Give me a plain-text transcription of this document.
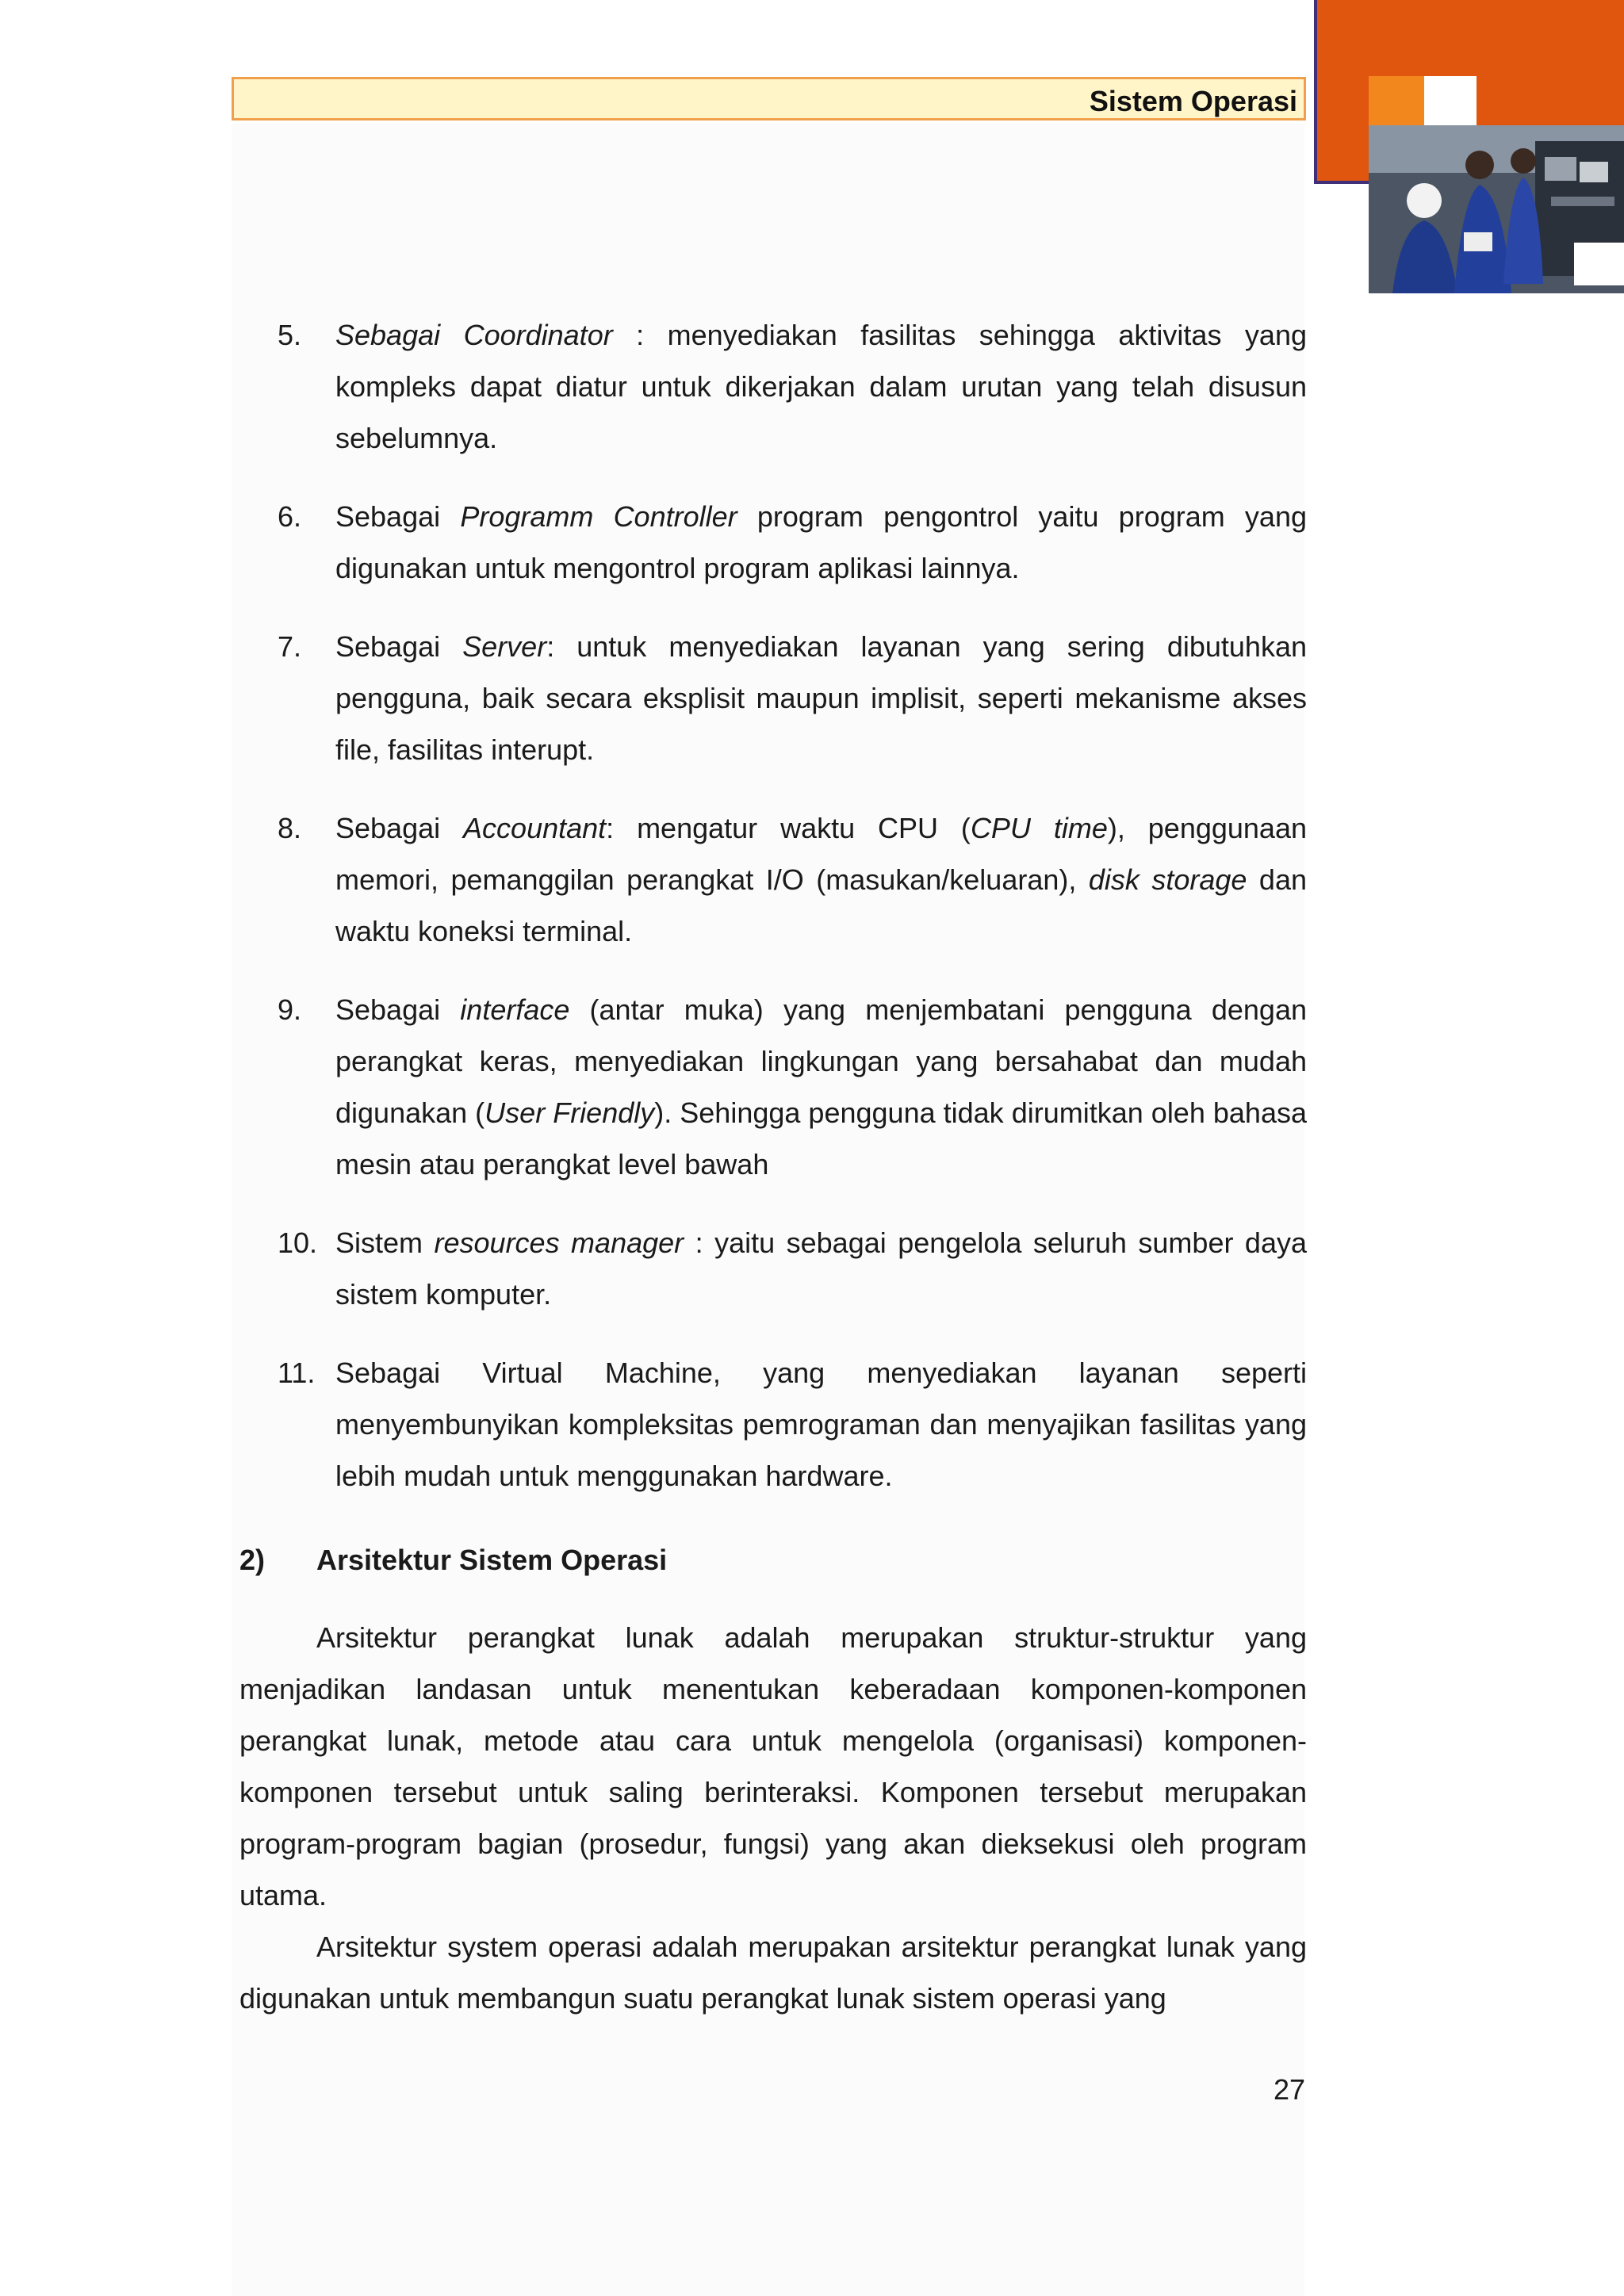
Sistem Operasi
5.	Sebagai Coordinator : menyediakan fasilitas sehingga aktivitas yang kompleks dapat diatur untuk dikerjakan dalam urutan yang telah disusun sebelumnya.
6.	Sebagai Programm Controller program pengontrol yaitu program yang digunakan untuk mengontrol program aplikasi lainnya.
7.	Sebagai Server: untuk menyediakan layanan yang sering dibutuhkan pengguna, baik secara eksplisit maupun implisit, seperti mekanisme akses file, fasilitas interupt.
8.	Sebagai Accountant: mengatur waktu CPU (CPU time), penggunaan memori, pemanggilan perangkat I/O (masukan/keluaran), disk storage dan waktu koneksi terminal.
9.	Sebagai interface (antar muka) yang menjembatani pengguna dengan perangkat keras, menyediakan lingkungan yang bersahabat dan mudah digunakan (User Friendly). Sehingga pengguna tidak dirumitkan oleh bahasa mesin atau perangkat level bawah
10. Sistem resources manager : yaitu sebagai pengelola seluruh sumber daya sistem komputer.
11. Sebagai Virtual Machine, yang menyediakan layanan seperti menyembunyikan kompleksitas pemrograman dan menyajikan fasilitas yang lebih mudah untuk menggunakan hardware.
2) Arsitektur Sistem Operasi

Arsitektur perangkat lunak adalah merupakan struktur-struktur yang menjadikan landasan untuk menentukan keberadaan komponen-komponen perangkat lunak, metode atau cara untuk mengelola (organisasi) komponen-komponen tersebut untuk saling berinteraksi. Komponen tersebut merupakan program-program bagian (prosedur, fungsi) yang akan dieksekusi oleh program utama.

Arsitektur system operasi adalah merupakan arsitektur perangkat lunak yang digunakan untuk membangun suatu perangkat lunak sistem operasi yang

27
